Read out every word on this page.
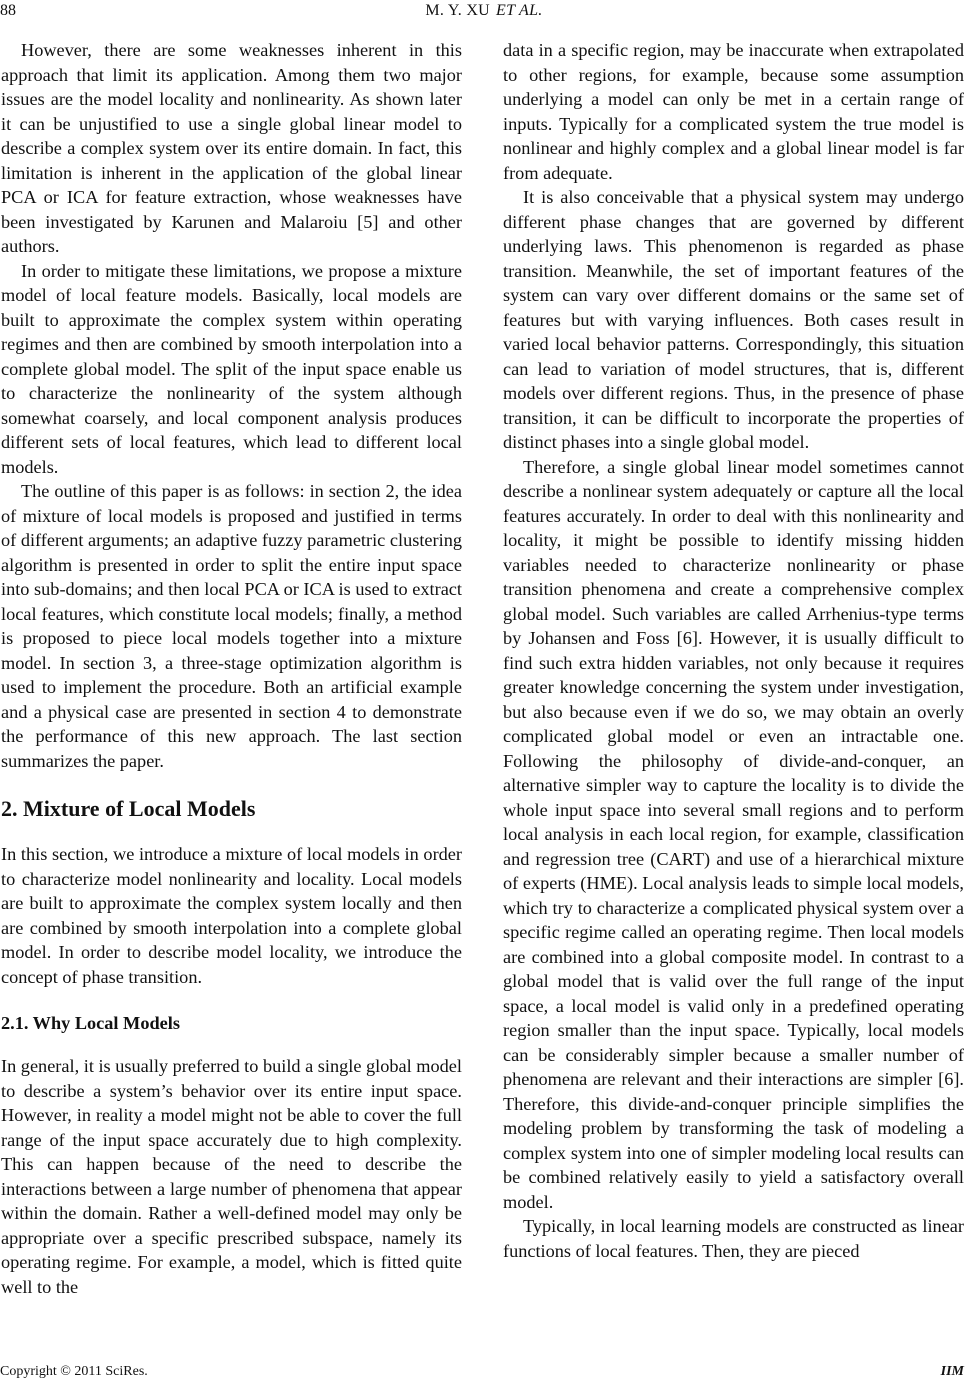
88	M. Y. XU ET AL.

However, there are some weaknesses inherent in this approach that limit its application. Among them two major issues are the model locality and nonlinearity. As shown later it can be unjustified to use a single global linear model to describe a complex system over its entire domain. In fact, this limitation is inherent in the application of the global linear PCA or ICA for feature extraction, whose weaknesses have been investigated by Karunen and Malaroiu [5] and other authors.

In order to mitigate these limitations, we propose a mixture model of local feature models. Basically, local models are built to approximate the complex system within operating regimes and then are combined by smooth interpolation into a complete global model. The split of the input space enable us to characterize the nonlinearity of the system although somewhat coarsely, and local component analysis produces different sets of local features, which lead to different local models.

The outline of this paper is as follows: in section 2, the idea of mixture of local models is proposed and justified in terms of different arguments; an adaptive fuzzy parametric clustering algorithm is presented in order to split the entire input space into sub-domains; and then local PCA or ICA is used to extract local features, which constitute local models; finally, a method is proposed to piece local models together into a mixture model. In section 3, a three-stage optimization algorithm is used to implement the procedure. Both an artificial example and a physical case are presented in section 4 to demonstrate the performance of this new approach. The last section summarizes the paper.

2. Mixture of Local Models

In this section, we introduce a mixture of local models in order to characterize model nonlinearity and locality. Local models are built to approximate the complex system locally and then are combined by smooth interpolation into a complete global model. In order to describe model locality, we introduce the concept of phase transition.

2.1. Why Local Models

In general, it is usually preferred to build a single global model to describe a system’s behavior over its entire input space. However, in reality a model might not be able to cover the full range of the input space accurately due to high complexity. This can happen because of the need to describe the interactions between a large number of phenomena that appear within the domain. Rather a well-defined model may only be appropriate over a specific prescribed subspace, namely its operating regime. For example, a model, which is fitted quite well to the

data in a specific region, may be inaccurate when extrapolated to other regions, for example, because some assumption underlying a model can only be met in a certain range of inputs. Typically for a complicated system the true model is nonlinear and highly complex and a global linear model is far from adequate.

It is also conceivable that a physical system may undergo different phase changes that are governed by different underlying laws. This phenomenon is regarded as phase transition. Meanwhile, the set of important features of the system can vary over different domains or the same set of features but with varying influences. Both cases result in varied local behavior patterns. Correspondingly, this situation can lead to variation of model structures, that is, different models over different regions. Thus, in the presence of phase transition, it can be difficult to incorporate the properties of distinct phases into a single global model.

Therefore, a single global linear model sometimes cannot describe a nonlinear system adequately or capture all the local features accurately. In order to deal with this nonlinearity and locality, it might be possible to identify missing hidden variables needed to characterize nonlinearity or phase transition phenomena and create a comprehensive complex global model. Such variables are called Arrhenius-type terms by Johansen and Foss [6]. However, it is usually difficult to find such extra hidden variables, not only because it requires greater knowledge concerning the system under investigation, but also because even if we do so, we may obtain an overly complicated global model or even an intractable one. Following the philosophy of divide-and-conquer, an alternative simpler way to capture the locality is to divide the whole input space into several small regions and to perform local analysis in each local region, for example, classification and regression tree (CART) and use of a hierarchical mixture of experts (HME). Local analysis leads to simple local models, which try to characterize a complicated physical system over a specific regime called an operating regime. Then local models are combined into a global composite model. In contrast to a global model that is valid over the full range of the input space, a local model is valid only in a predefined operating region smaller than the input space. Typically, local models can be considerably simpler because a smaller number of phenomena are relevant and their interactions are simpler [6]. Therefore, this divide-and-conquer principle simplifies the modeling problem by transforming the task of modeling a complex system into one of simpler modeling local results can be combined relatively easily to yield a satisfactory overall model.

Typically, in local learning models are constructed as linear functions of local features. Then, they are pieced

Copyright © 2011 SciRes.	IIM
